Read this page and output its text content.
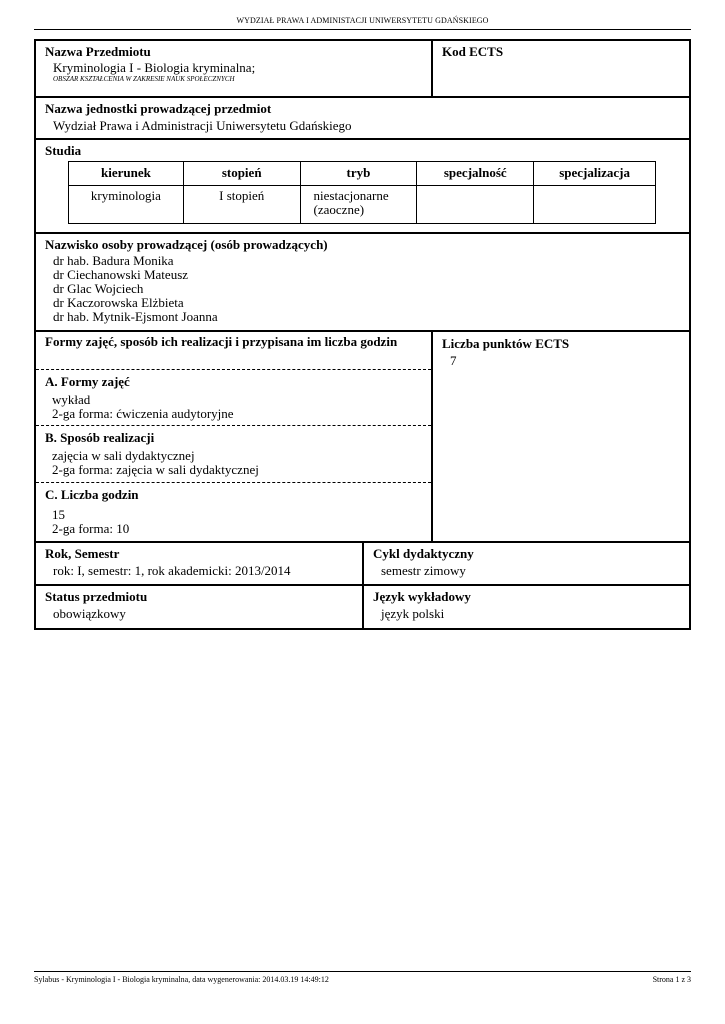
WYDZIAŁ PRAWA I ADMINISTACJI UNIWERSYTETU GDAŃSKIEGO
Nazwa Przedmiotu
Kryminologia I - Biologia kryminalna;
OBSZAR KSZTAŁCENIA W ZAKRESIE NAUK SPOŁECZNYCH
Kod ECTS
Nazwa jednostki prowadzącej przedmiot
Wydział Prawa i Administracji Uniwersytetu Gdańskiego
Studia
kierunek	stopień	tryb	specjalność	specjalizacja
kryminologia	I stopień	niestacjonarne (zaoczne)		
Nazwisko osoby prowadzącej (osób prowadzących)
dr hab. Badura Monika
dr Ciechanowski Mateusz
dr Glac Wojciech
dr Kaczorowska Elżbieta
dr hab. Mytnik-Ejsmont Joanna
Formy zajęć, sposób ich realizacji i przypisana im liczba godzin
A. Formy zajęć
wykład
2-ga forma: ćwiczenia audytoryjne
B. Sposób realizacji
zajęcia w sali dydaktycznej
2-ga forma: zajęcia w sali dydaktycznej
C. Liczba godzin
15
2-ga forma: 10
Liczba punktów ECTS
7
Rok, Semestr
rok: I, semestr: 1, rok akademicki: 2013/2014
Cykl dydaktyczny
semestr zimowy
Status przedmiotu
obowiązkowy
Język wykładowy
język polski
Sylabus - Kryminologia I - Biologia kryminalna, data wygenerowania: 2014.03.19 14:49:12	Strona 1 z 3
